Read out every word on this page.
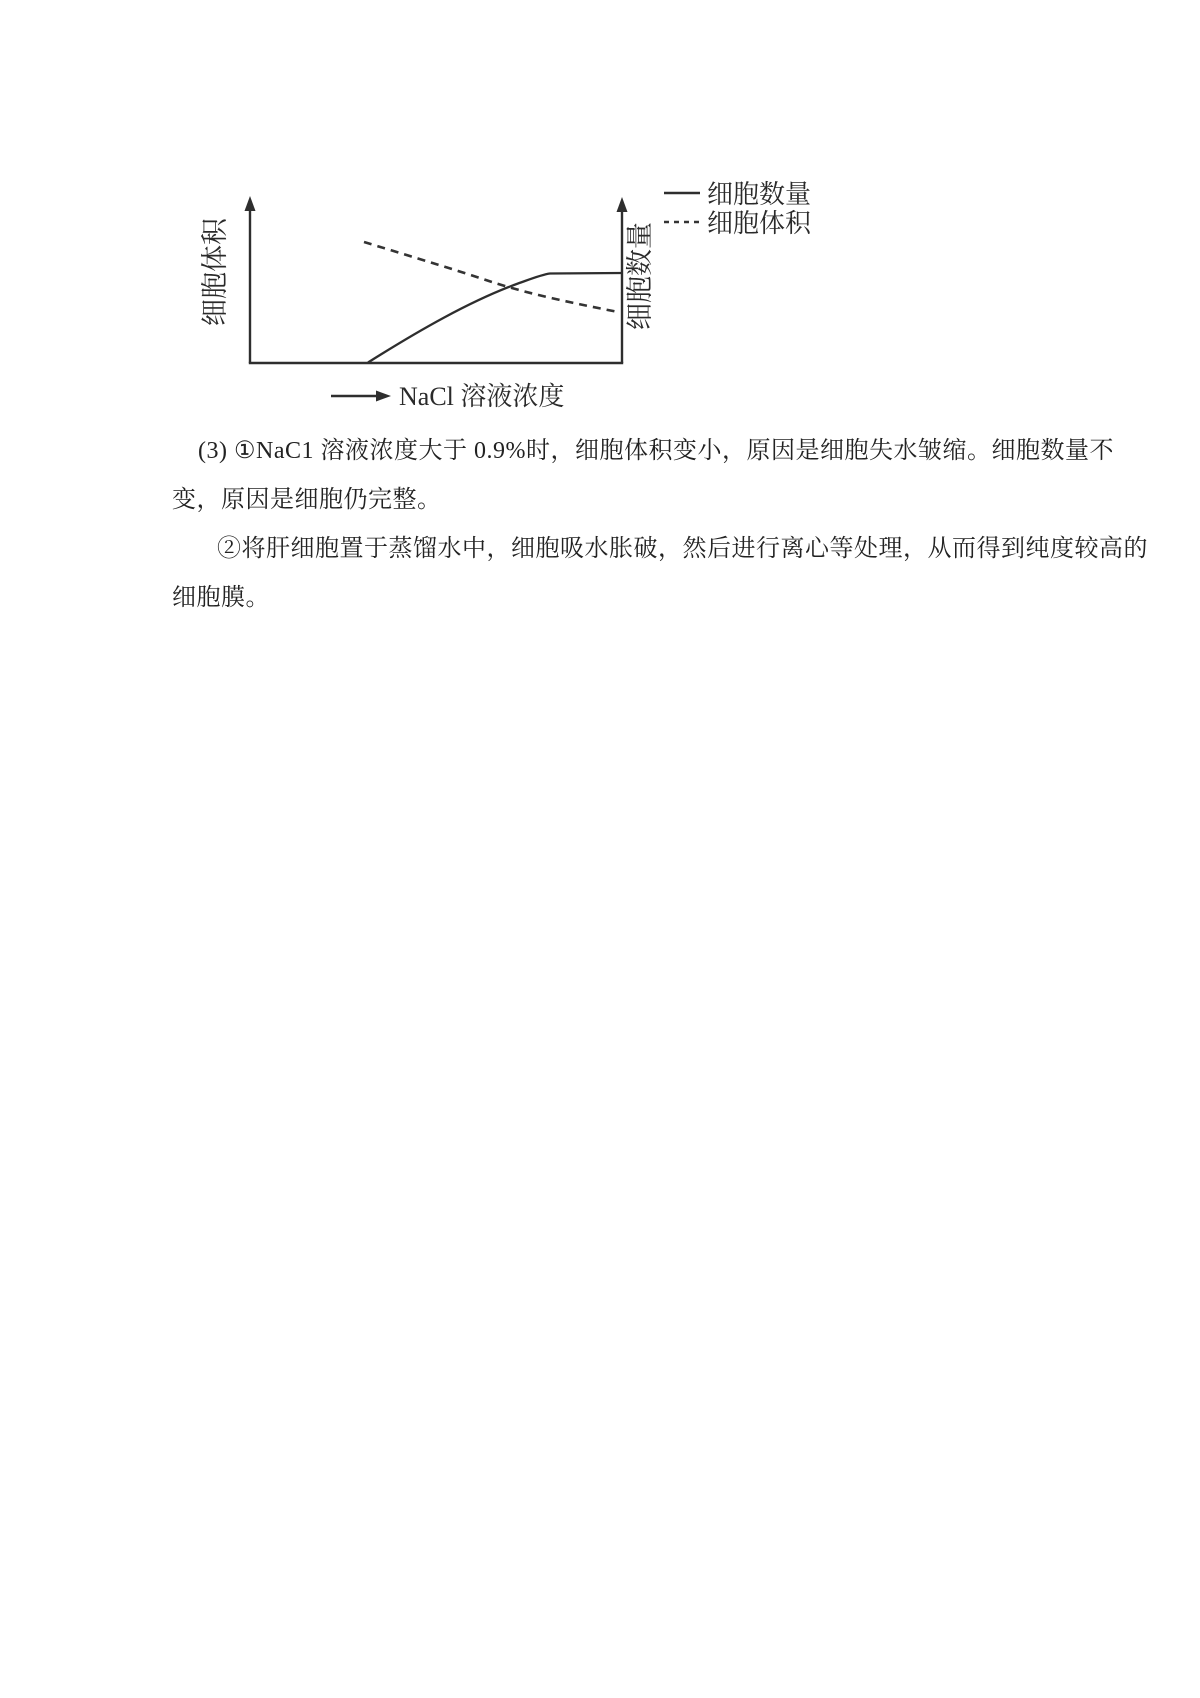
细胞体积	细胞数量
细胞数量
细胞体积
NaCl 溶液浓度
(3) ①NaC1 溶液浓度大于 0.9%时，细胞体积变小，原因是细胞失水皱缩。细胞数量不
变，原因是细胞仍完整。
②将肝细胞置于蒸馏水中，细胞吸水胀破，然后进行离心等处理，从而得到纯度较高的
细胞膜。
